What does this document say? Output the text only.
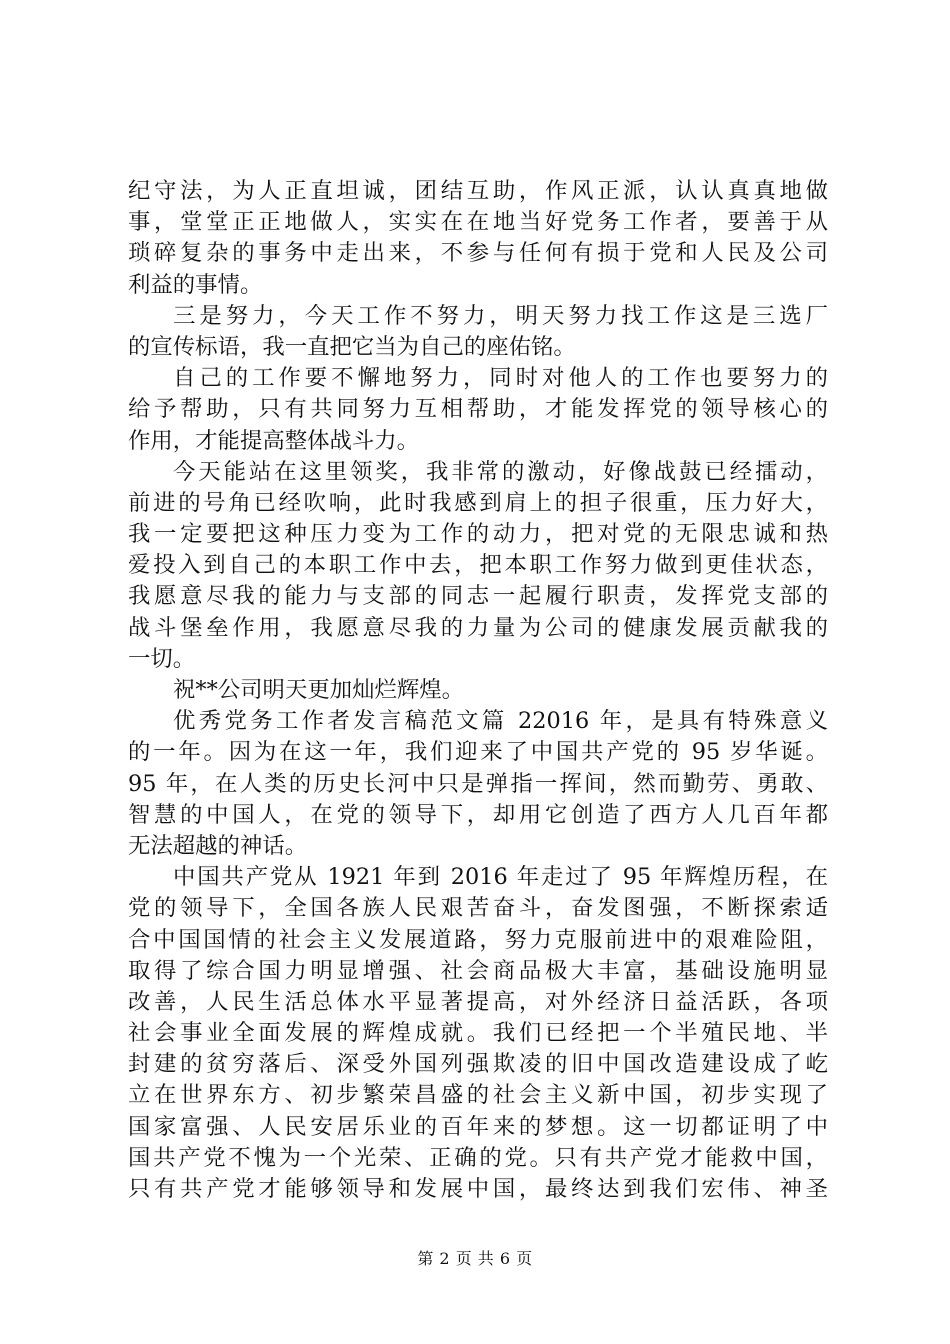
纪守法，为人正直坦诚，团结互助，作风正派，认认真真地做
事，堂堂正正地做人，实实在在地当好党务工作者，要善于从
琐碎复杂的事务中走出来，不参与任何有损于党和人民及公司
利益的事情。
三是努力，今天工作不努力，明天努力找工作这是三选厂
的宣传标语，我一直把它当为自己的座佑铭。
自己的工作要不懈地努力，同时对他人的工作也要努力的
给予帮助，只有共同努力互相帮助，才能发挥党的领导核心的
作用，才能提高整体战斗力。
今天能站在这里领奖，我非常的激动，好像战鼓已经擂动，
前进的号角已经吹响，此时我感到肩上的担子很重，压力好大，
我一定要把这种压力变为工作的动力，把对党的无限忠诚和热
爱投入到自己的本职工作中去，把本职工作努力做到更佳状态，
我愿意尽我的能力与支部的同志一起履行职责，发挥党支部的
战斗堡垒作用，我愿意尽我的力量为公司的健康发展贡献我的
一切。
祝**公司明天更加灿烂辉煌。
优秀党务工作者发言稿范文篇 22016 年，是具有特殊意义
的一年。因为在这一年，我们迎来了中国共产党的 95 岁华诞。
95 年，在人类的历史长河中只是弹指一挥间，然而勤劳、勇敢、
智慧的中国人，在党的领导下，却用它创造了西方人几百年都
无法超越的神话。
中国共产党从 1921 年到 2016 年走过了 95 年辉煌历程，在
党的领导下，全国各族人民艰苦奋斗，奋发图强，不断探索适
合中国国情的社会主义发展道路，努力克服前进中的艰难险阻，
取得了综合国力明显增强、社会商品极大丰富，基础设施明显
改善，人民生活总体水平显著提高，对外经济日益活跃，各项
社会事业全面发展的辉煌成就。我们已经把一个半殖民地、半
封建的贫穷落后、深受外国列强欺凌的旧中国改造建设成了屹
立在世界东方、初步繁荣昌盛的社会主义新中国，初步实现了
国家富强、人民安居乐业的百年来的梦想。这一切都证明了中
国共产党不愧为一个光荣、正确的党。只有共产党才能救中国，
只有共产党才能够领导和发展中国，最终达到我们宏伟、神圣
第 2 页 共 6 页
